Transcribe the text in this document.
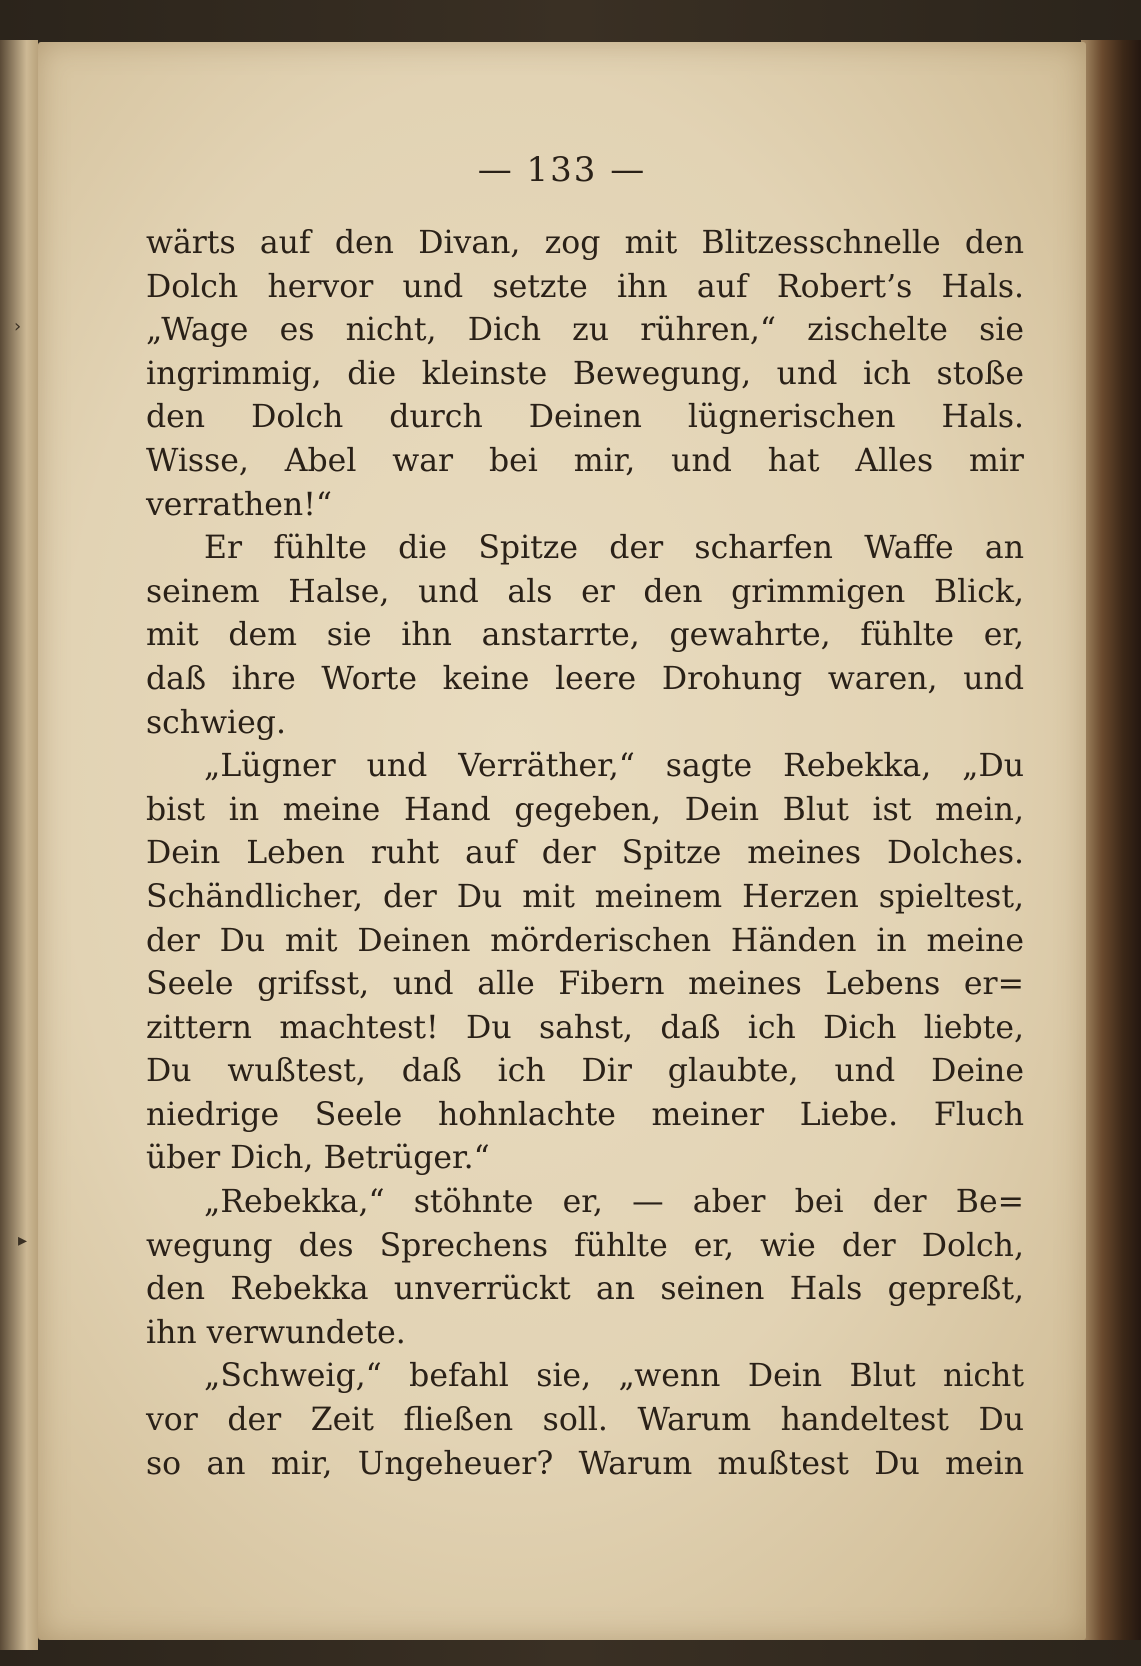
›
▸
— 133 —
wärts auf den Divan, zog mit Blitzesschnelle den
Dolch hervor und setzte ihn auf Robert’s Hals.
„Wage es nicht, Dich zu rühren,“ zischelte sie
ingrimmig, die kleinste Bewegung, und ich stoße
den Dolch durch Deinen lügnerischen Hals.
Wisse, Abel war bei mir, und hat Alles mir
verrathen!“
Er fühlte die Spitze der scharfen Waffe an
seinem Halse, und als er den grimmigen Blick,
mit dem sie ihn anstarrte, gewahrte, fühlte er,
daß ihre Worte keine leere Drohung waren, und
schwieg.
„Lügner und Verräther,“ sagte Rebekka, „Du
bist in meine Hand gegeben, Dein Blut ist mein,
Dein Leben ruht auf der Spitze meines Dolches.
Schändlicher, der Du mit meinem Herzen spieltest,
der Du mit Deinen mörderischen Händen in meine
Seele grifsst, und alle Fibern meines Lebens er=
zittern machtest! Du sahst, daß ich Dich liebte,
Du wußtest, daß ich Dir glaubte, und Deine
niedrige Seele hohnlachte meiner Liebe. Fluch
über Dich, Betrüger.“
„Rebekka,“ stöhnte er, — aber bei der Be=
wegung des Sprechens fühlte er, wie der Dolch,
den Rebekka unverrückt an seinen Hals gepreßt,
ihn verwundete.
„Schweig,“ befahl sie, „wenn Dein Blut nicht
vor der Zeit fließen soll. Warum handeltest Du
so an mir, Ungeheuer? Warum mußtest Du mein
